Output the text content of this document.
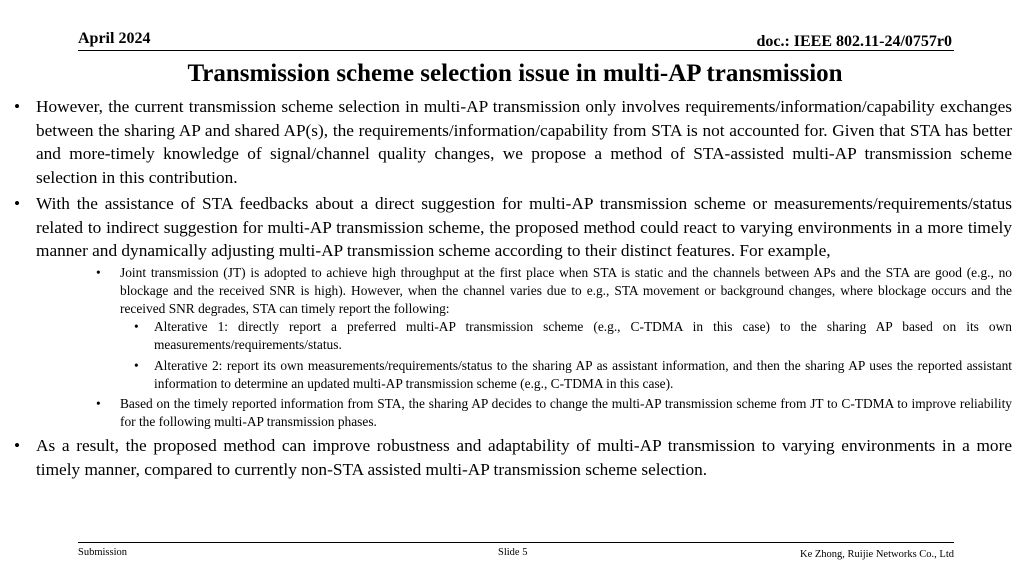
April 2024	doc.: IEEE 802.11-24/0757r0
Transmission scheme selection issue in multi-AP transmission
• However, the current transmission scheme selection in multi-AP transmission only involves requirements/information/capability exchanges between the sharing AP and shared AP(s), the requirements/information/capability from STA is not accounted for. Given that STA has better and more-timely knowledge of signal/channel quality changes, we propose a method of STA-assisted multi-AP transmission scheme selection in this contribution.
• With the assistance of STA feedbacks about a direct suggestion for multi-AP transmission scheme or measurements/requirements/status related to indirect suggestion for multi-AP transmission scheme, the proposed method could react to varying environments in a more timely manner and dynamically adjusting multi-AP transmission scheme according to their distinct features. For example,
• Joint transmission (JT) is adopted to achieve high throughput at the first place when STA is static and the channels between APs and the STA are good (e.g., no blockage and the received SNR is high). However, when the channel varies due to e.g., STA movement or background changes, where blockage occurs and the received SNR degrades, STA can timely report the following:
• Alterative 1: directly report a preferred multi-AP transmission scheme (e.g., C-TDMA in this case) to the sharing AP based on its own measurements/requirements/status.
• Alterative 2: report its own measurements/requirements/status to the sharing AP as assistant information, and then the sharing AP uses the reported assistant information to determine an updated multi-AP transmission scheme (e.g., C-TDMA in this case).
• Based on the timely reported information from STA, the sharing AP decides to change the multi-AP transmission scheme from JT to C-TDMA to improve reliability for the following multi-AP transmission phases.
• As a result, the proposed method can improve robustness and adaptability of multi-AP transmission to varying environments in a more timely manner, compared to currently non-STA assisted multi-AP transmission scheme selection.
Submission	Slide 5	Ke Zhong, Ruijie Networks Co., Ltd
